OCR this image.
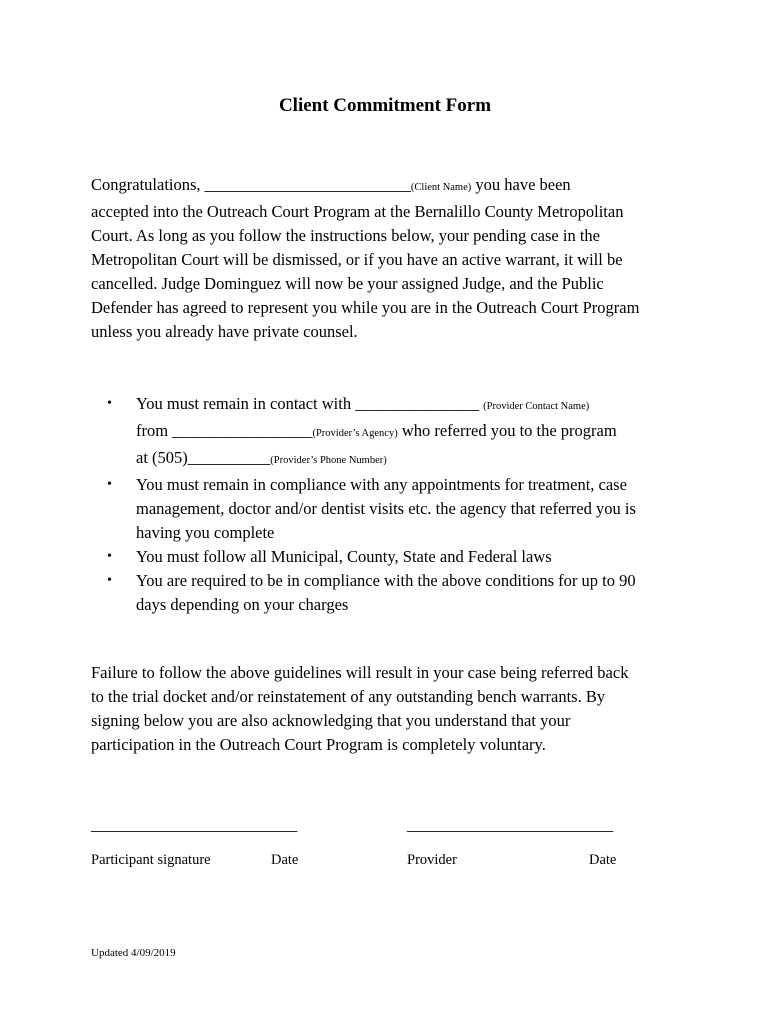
Client Commitment Form
Congratulations, _________________________(Client Name) you have been
accepted into the Outreach Court Program at the Bernalillo County Metropolitan
Court. As long as you follow the instructions below, your pending case in the
Metropolitan Court will be dismissed, or if you have an active warrant, it will be
cancelled. Judge Dominguez will now be your assigned Judge, and the Public
Defender has agreed to represent you while you are in the Outreach Court Program
unless you already have private counsel.
• You must remain in contact with _______________ (Provider Contact Name)
from _________________(Provider’s Agency) who referred you to the program
at (505)__________(Provider’s Phone Number)
• You must remain in compliance with any appointments for treatment, case
management, doctor and/or dentist visits etc. the agency that referred you is
having you complete
• You must follow all Municipal, County, State and Federal laws
• You are required to be in compliance with the above conditions for up to 90
days depending on your charges
Failure to follow the above guidelines will result in your case being referred back
to the trial docket and/or reinstatement of any outstanding bench warrants. By
signing below you are also acknowledging that you understand that your
participation in the Outreach Court Program is completely voluntary.
_________________________	_________________________
Participant signature	Date	Provider	Date
Updated 4/09/2019
